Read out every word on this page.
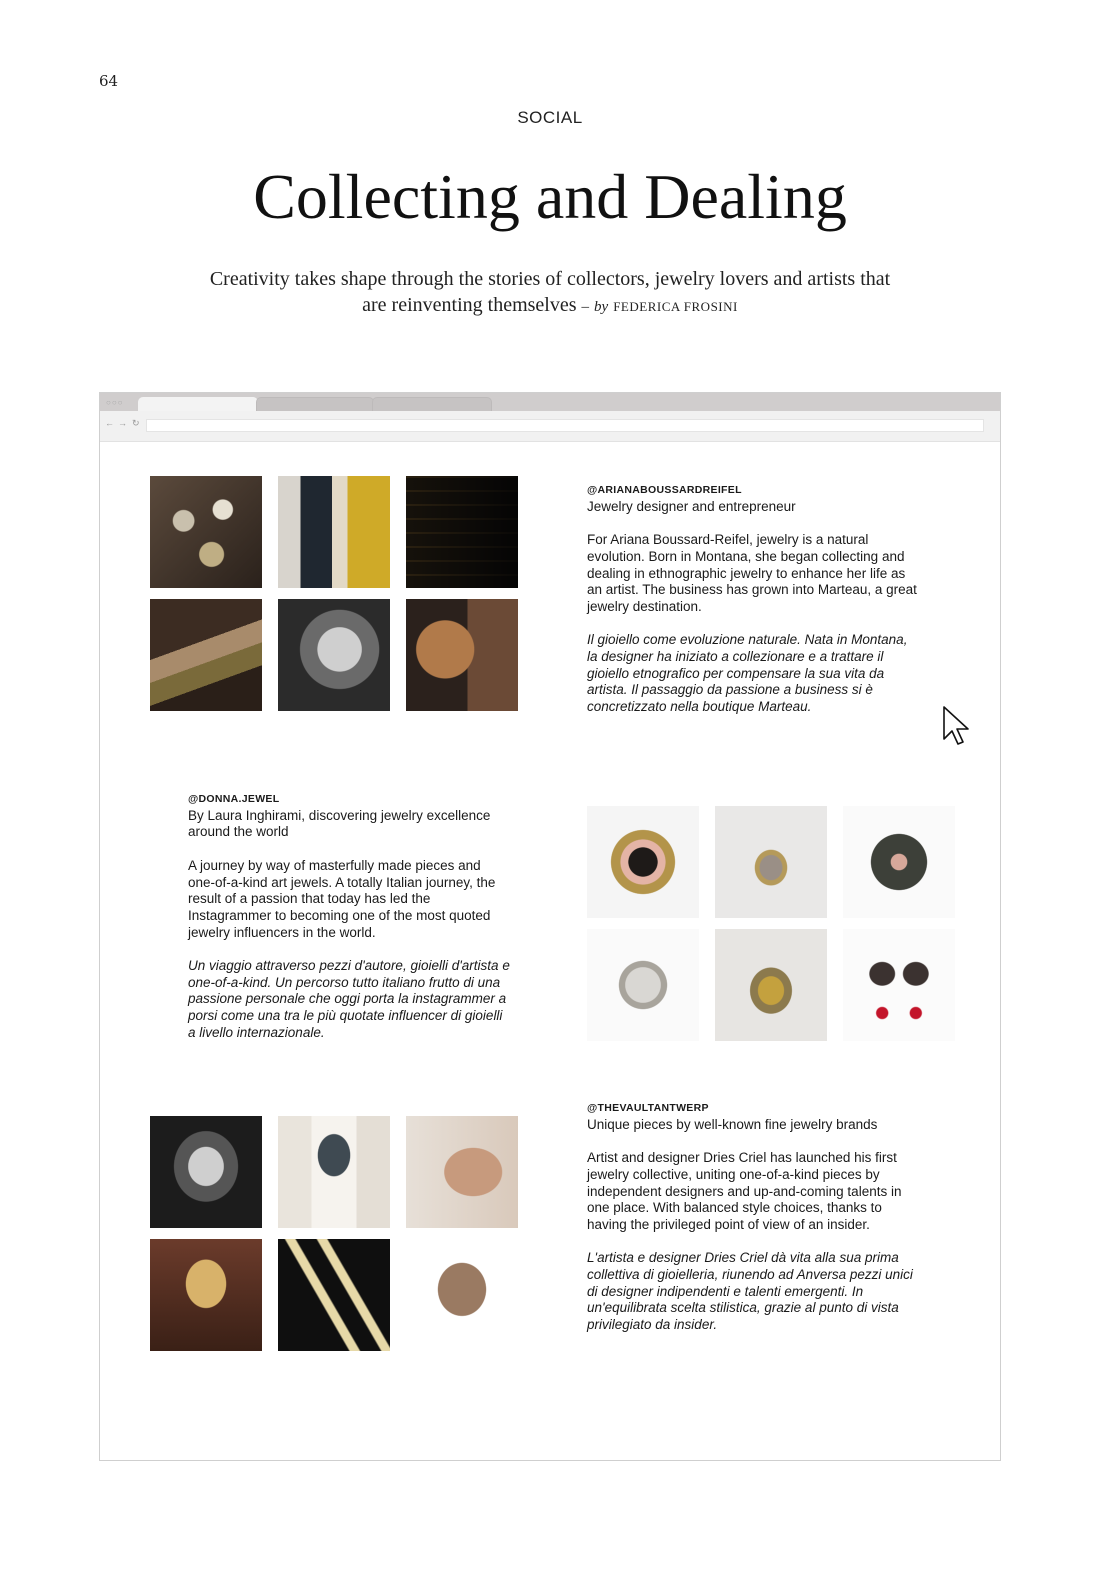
64
SOCIAL
Collecting and Dealing
Creativity takes shape through the stories of collectors, jewelry lovers and artists that are reinventing themselves – by FEDERICA FROSINI
○○○
← → ↻

@ARIANABOUSSARDREIFEL

Jewelry designer and entrepreneur

For Ariana Boussard-Reifel, jewelry is a natural evolution. Born in Montana, she began collecting and dealing in ethnographic jewelry to enhance her life as an artist. The business has grown into Marteau, a great jewelry destination.

Il gioiello come evoluzione naturale. Nata in Montana, la designer ha iniziato a collezionare e a trattare il gioiello etnografico per compensare la sua vita da artista. Il passaggio da passione a business si è concretizzato nella boutique Marteau.

@DONNA.JEWEL

By Laura Inghirami, discovering jewelry excellence around the world

A journey by way of masterfully made pieces and one-of-a-kind art jewels. A totally Italian journey, the result of a passion that today has led the Instagrammer to becoming one of the most quoted jewelry influencers in the world.

Un viaggio attraverso pezzi d'autore, gioielli d'artista e one-of-a-kind. Un percorso tutto italiano frutto di una passione personale che oggi porta la instagrammer a porsi come una tra le più quotate influencer di gioielli a livello internazionale.

@THEVAULTANTWERP

Unique pieces by well-known fine jewelry brands

Artist and designer Dries Criel has launched his first jewelry collective, uniting one-of-a-kind pieces by independent designers and up-and-coming talents in one place. With balanced style choices, thanks to having the privileged point of view of an insider.

L'artista e designer Dries Criel dà vita alla sua prima collettiva di gioielleria, riunendo ad Anversa pezzi unici di designer indipendenti e talenti emergenti. In un'equilibrata scelta stilistica, grazie al punto di vista privilegiato da insider.
